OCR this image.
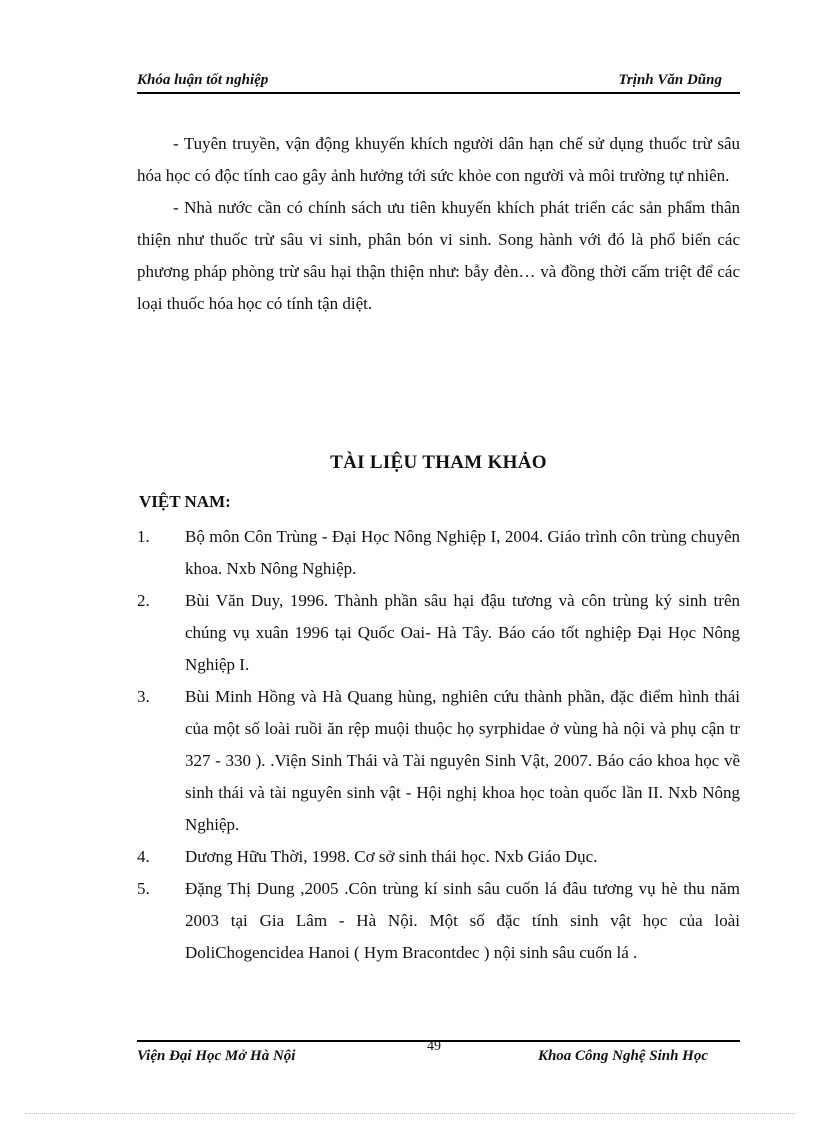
Khóa luận tốt nghiệp	Trịnh Văn Dũng

- Tuyên truyền, vận động khuyến khích người dân hạn chế sử dụng thuốc trừ sâu hóa học có độc tính cao gây ảnh hưởng tới sức khỏe con người và môi trường tự nhiên.

- Nhà nước cần có chính sách ưu tiên khuyến khích phát triển các sản phẩm thân thiện như thuốc trừ sâu vi sinh, phân bón vi sinh. Song hành với đó là phổ biến các phương pháp phòng trừ sâu hại thận thiện như: bẫy đèn… và đồng thời cấm triệt để các loại thuốc hóa học có tính tận diệt.

TÀI LIỆU THAM KHẢO
VIỆT NAM:
1. Bộ môn Côn Trùng - Đại Học Nông Nghiệp I, 2004. Giáo trình côn trùng chuyên khoa. Nxb Nông Nghiệp.
2. Bùi Văn Duy, 1996. Thành phần sâu hại đậu tương và côn trùng ký sinh trên chúng vụ xuân 1996 tại Quốc Oai- Hà Tây. Báo cáo tốt nghiệp Đại Học Nông Nghiệp I.
3. Bùi Minh Hồng và Hà Quang hùng, nghiên cứu thành phần, đặc điểm hình thái của một số loài ruồi ăn rệp muội thuộc họ syrphidae ở vùng hà nội và phụ cận tr 327 - 330 ). .Viện Sinh Thái và Tài nguyên Sinh Vật, 2007. Báo cáo khoa học về sinh thái và tài nguyên sinh vật - Hội nghị khoa học toàn quốc lần II. Nxb Nông Nghiệp.
4. Dương Hữu Thời, 1998. Cơ sở sinh thái học. Nxb Giáo Dục.
5. Đặng Thị Dung ,2005 .Côn trùng kí sinh sâu cuốn lá đâu tương vụ hè thu năm 2003 tại Gia Lâm - Hà Nội. Một số đặc tính sinh vật học của loài DoliChogencidea Hanoi ( Hym Bracontdec ) nội sinh sâu cuốn lá .
Viện Đại Học Mở Hà Nội
49
Khoa Công Nghệ Sinh Học
